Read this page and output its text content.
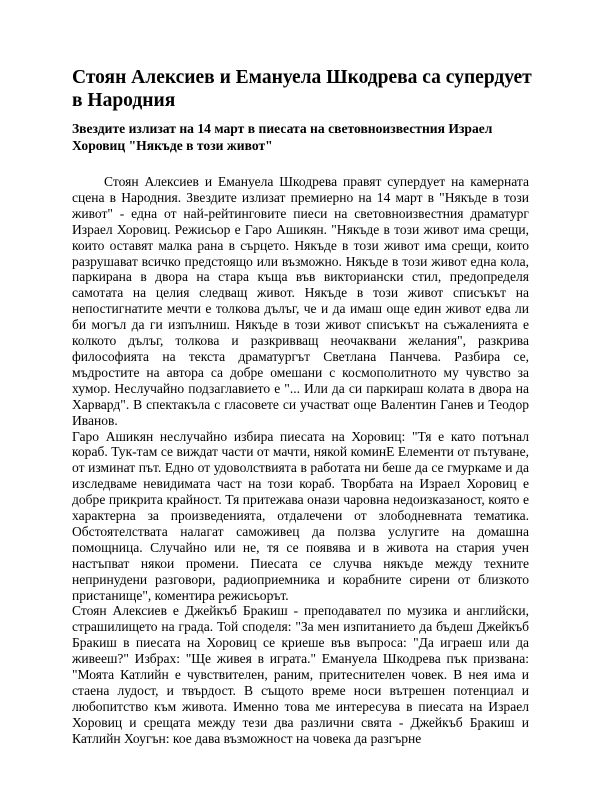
Стоян Алексиев и Емануела Шкодрева са супердует в Народния
Звездите излизат на 14 март в пиесата на световноизвестния Израел Хоровиц "Някъде в този живот"

Стоян Алексиев и Емануела Шкодрева правят супердует на камерната сцена в Народния. Звездите излизат премиерно на 14 март в "Някъде в този живот" - една от най-рейтинговите пиеси на световноизвестния драматург Израел Хоровиц. Режисьор е Гаро Ашикян. "Някъде в този живот има срещи, които оставят малка рана в сърцето. Някъде в този живот има срещи, които разрушават всичко предстоящо или възможно. Някъде в този живот една кола, паркирана в двора на стара къща във викториански стил, предопределя самотата на целия следващ живот. Някъде в този живот списъкът на непостигнатите мечти е толкова дълъг, че и да имаш още един живот едва ли би могъл да ги изпълниш. Някъде в този живот списъкът на съжаленията е колкото дълъг, толкова и разкривващ неочаквани желания", разкрива философията на текста драматургът Светлана Панчева. Разбира се, мъдростите на автора са добре омешани с космополитното му чувство за хумор. Неслучайно подзаглавието е "... Или да си паркираш колата в двора на Харвард". В спектакъла с гласовете си участват още Валентин Ганев и Теодор Иванов.

Гаро Ашикян неслучайно избира пиесата на Хоровиц: "Тя е като потънал кораб. Тук-там се виждат части от мачти, някой коминЕ Елементи от пътуване, от изминат път. Едно от удоволствията в работата ни беше да се гмуркаме и да изследваме невидимата част на този кораб. Творбата на Израел Хоровиц е добре прикрита крайност. Тя притежава онази чаровна недоизказаност, която е характерна за произведенията, отдалечени от злободневната тематика. Обстоятелствата налагат саможивец да ползва услугите на домашна помощница. Случайно или не, тя се появява и в живота на стария учен настъпват някои промени. Пиесата се случва някъде между техните непринудени разговори, радиоприемника и корабните сирени от близкото пристанище", коментира режисьорът.

Стоян Алексиев е Джейкъб Бракиш - преподавател по музика и английски, страшилището на града. Той споделя: "За мен изпитанието да бъдеш Джейкъб Бракиш в пиесата на Хоровиц се криеше във въпроса: "Да играеш или да живееш?" Избрах: "Ще живея в играта." Емануела Шкодрева пък призвана: "Моята Катлийн е чувствителен, раним, притеснителен човек. В нея има и стаена лудост, и твърдост. В същото време носи вътрешен потенциал и любопитство към живота. Именно това ме интересува в пиесата на Израел Хоровиц и срещата между тези два различни свята - Джейкъб Бракиш и Катлийн Хоугън: кое дава възможност на човека да разгърне
